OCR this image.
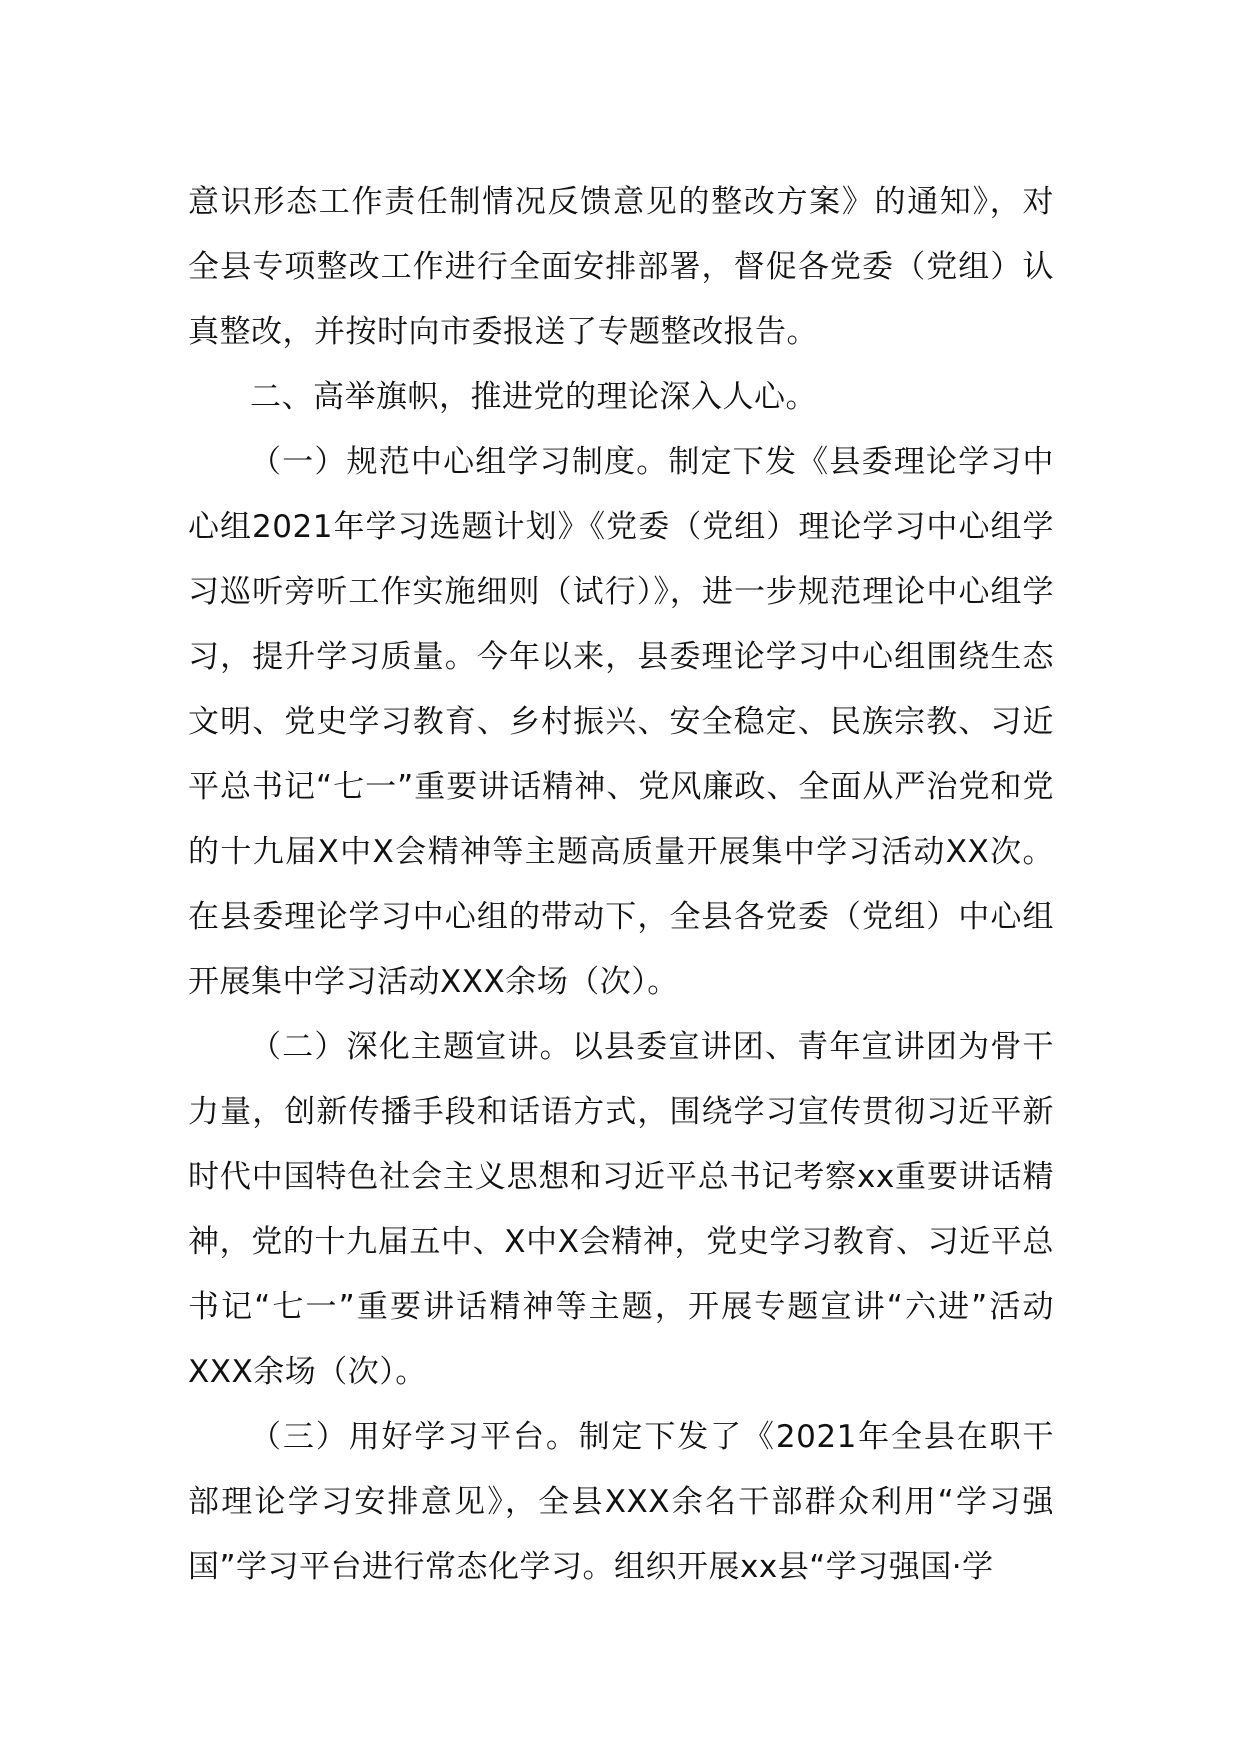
意识形态工作责任制情况反馈意见的整改方案》的通知》，对全县专项整改工作进行全面安排部署，督促各党委（党组）认真整改，并按时向市委报送了专题整改报告。

二、高举旗帜，推进党的理论深入人心。

（一）规范中心组学习制度。制定下发《县委理论学习中心组2021年学习选题计划》《党委（党组）理论学习中心组学习巡听旁听工作实施细则（试行）》，进一步规范理论中心组学习，提升学习质量。今年以来，县委理论学习中心组围绕生态文明、党史学习教育、乡村振兴、安全稳定、民族宗教、习近平总书记“七一”重要讲话精神、党风廉政、全面从严治党和党的十九届X中X会精神等主题高质量开展集中学习活动XX次。在县委理论学习中心组的带动下，全县各党委（党组）中心组开展集中学习活动XXX余场（次）。

（二）深化主题宣讲。以县委宣讲团、青年宣讲团为骨干力量，创新传播手段和话语方式，围绕学习宣传贯彻习近平新时代中国特色社会主义思想和习近平总书记考察xx重要讲话精神，党的十九届五中、X中X会精神，党史学习教育、习近平总书记“七一”重要讲话精神等主题，开展专题宣讲“六进”活动XXX余场（次）。

（三）用好学习平台。制定下发了《2021年全县在职干部理论学习安排意见》，全县XXX余名干部群众利用“学习强国”学习平台进行常态化学习。组织开展xx县“学习强国·学
